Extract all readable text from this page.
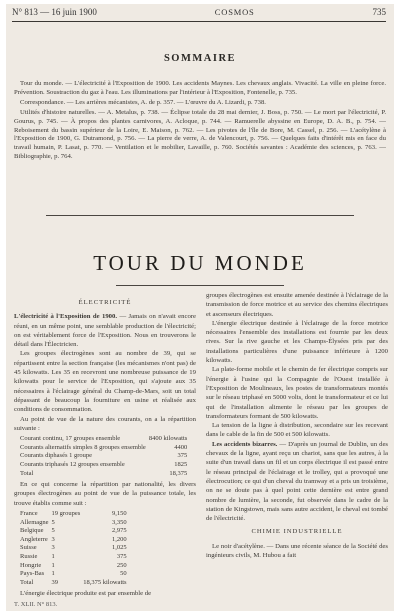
N° 813 — 16 juin 1900	COSMOS	735
SOMMAIRE

Tour du monde. — L'électricité à l'Exposition de 1900. Les accidents Maynes. Les chevaux anglais. Vivacité. La ville en pleine force. Prévention. Soustraction du gaz à l'eau. Les illuminations par l'intérieur à l'Exposition, Fontenelle, p. 735.

Correspondance. — Les arrières mécanistes, A. de p. 357. — L'œuvre du A. Lizardi, p. 738.

Utilités d'histoire naturelles. — A. Metalus, p. 738. — Éclipse totale du 28 mai dernier, J. Boss, p. 750. — Le mort par l'électricité, P. Gourus, p. 745. — À propos des plantes carnivores, A. Acloque, p. 744. — Ramuerelle abyssine en Europe, D. A. B., p. 754. — Reboisement du bassin supérieur de la Loire, E. Maison, p. 762. — Les pivotes de l'île de Bore, M. Cassel, p. 256. — L'acétylène à l'Exposition de 1900, G. Dutramond, p. 756. — La pierre de verre, A. de Valencourt, p. 756. — Quelques faits d'intérêt mis en face du travail humain, P. Lasat, p. 770. — Ventilation et le mobilier, Lavaille, p. 760. Sociétés savantes : Académie des sciences, p. 763. — Bibliographie, p. 764.

TOUR DU MONDE
ÉLECTRICITÉ

L'électricité à l'Exposition de 1900. — Jamais on n'avait encore réuni, en un même point, une semblable production de l'électricité; on est véritablement force de l'Exposition. Nous en trouverons le détail dans l'Électricien.

Les groupes électrogènes sont au nombre de 39, qui se répartissent entre la section française (les mécanismes n'ont pas) de 45 kilowatts. Les 35 en recevront une nombreuse puissance de 19 kilowatts pour le service de l'Exposition, qui s'ajoute aux 35 nécessaires à l'éclairage général du Champ-de-Mars, soit un total dépassant de beaucoup la fourniture en usine et réalisée aux conditions de consommation.

Au point de vue de la nature des courants, on a la répartition suivante :

Courant continu, 17 groupes ensemble	8400 kilowatts
Courants alternatifs simples 8 groupes ensemble	4400
Courants diphasés 1 groupe	375
Courants triphasés 12 groupes ensemble	1825
Total	18,375

En ce qui concerne la répartition par nationalité, les divers groupes électrogènes au point de vue de la puissance totale, les trouve établis comme suit :

France	19 groupes	9,150
Allemagne	5	3,350
Belgique	5	2,975
Angleterre	3	1,200
Suisse	3	1,025
Russie	1	375
Hongrie	1	250
Pays-Bas	1	50
Total	39	18,375 kilowatts

L'énergie électrique produite est par ensemble de

groupes électrogènes est ensuite amenée destinée à l'éclairage de la transmission de force motrice et au service des chemins électriques et ascenseurs électriques.

L'énergie électrique destinée à l'éclairage de la force motrice nécessaires l'ensemble des installations est fournie par les deux rives. Sur la rive gauche et les Champs-Élysées pris par des installations particulières d'une puissance inférieure à 1200 kilowatts.

La plate-forme mobile et le chemin de fer électrique compris sur l'énergie à l'usine qui la Compagnie de l'Ouest installée à l'Exposition de Moulineaux, les postes de transformateurs montés sur le réseau triphasé en 5000 volts, dont le transformateur et ce lui qui de l'installation alimente le réseau par les groupes de transformateurs formant de 500 kilowatts.

La tension de la ligne à distribution, secondaire sur les recevant dans le cable de la fin de 500 et 500 kilowatts.

Les accidents bizarres. — D'après un journal de Dublin, un des chevaux de la ligne, ayant reçu un chariot, sans que les autres, à la suite d'un travail dans un fil et un corps électrique il est passé entre le réseau principal de l'éclairage et le trolley, qui a provoqué une électrocution; ce qui d'un cheval du tramway et a pris un troisième, on ne se doute pas à quel point cette dernière est entre grand nombre de lumière, la seconde, fut observée dans le cadre de la station de Kingstown, mais sans autre accident, le cheval est tombé de l'électricité.

CHIMIE INDUSTRIELLE

Le noir d'acétylène. — Dans une récente séance de la Société des ingénieurs civils, M. Hubou a fait

T. XLII. N° 813.
